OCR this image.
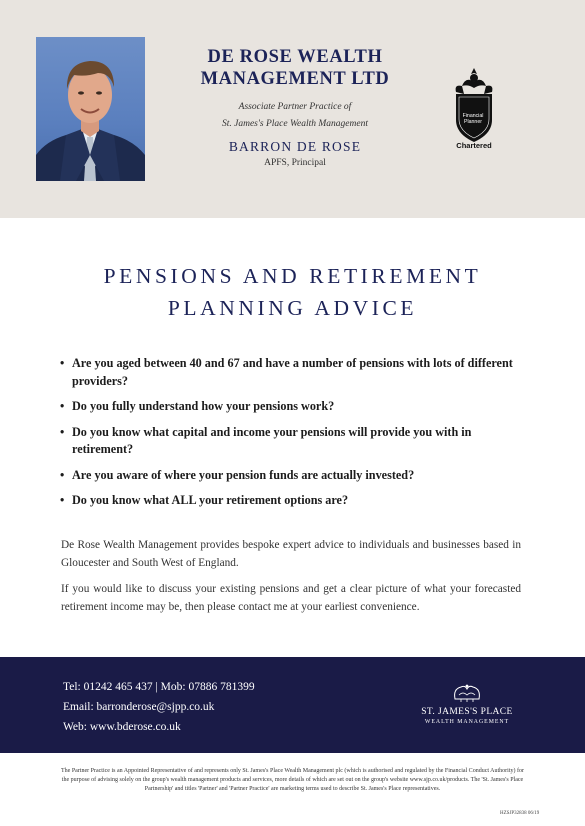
DE ROSE WEALTH
MANAGEMENT LTD

Associate Partner Practice of
St. James's Place Wealth Management

BARRON DE ROSE

APFS, Principal

Financial
Planner
Chartered
PENSIONS AND RETIREMENT
PLANNING ADVICE
• Are you aged between 40 and 67 and have a number of pensions with lots of different providers?
• Do you fully understand how your pensions work?
• Do you know what capital and income your pensions will provide you with in retirement?
• Are you aware of where your pension funds are actually invested?
• Do you know what ALL your retirement options are?

De Rose Wealth Management provides bespoke expert advice to individuals and businesses based in Gloucester and South West of England.

If you would like to discuss your existing pensions and get a clear picture of what your forecasted retirement income may be, then please contact me at your earliest convenience.

Tel: 01242 465 437 | Mob: 07886 781399
Email: barronderose@sjpp.co.uk
Web: www.bderose.co.uk

ST. JAMES'S PLACE
WEALTH MANAGEMENT

The Partner Practice is an Appointed Representative of and represents only St. James's Place Wealth Management plc (which is authorised and regulated by the Financial Conduct Authority) for the purpose of advising solely on the group's wealth management products and services, more details of which are set out on the group's website www.sjp.co.uk/products. The 'St. James's Place Partnership' and titles 'Partner' and 'Partner Practice' are marketing terms used to describe St. James's Place representatives.

HZSJP32838 06/19
